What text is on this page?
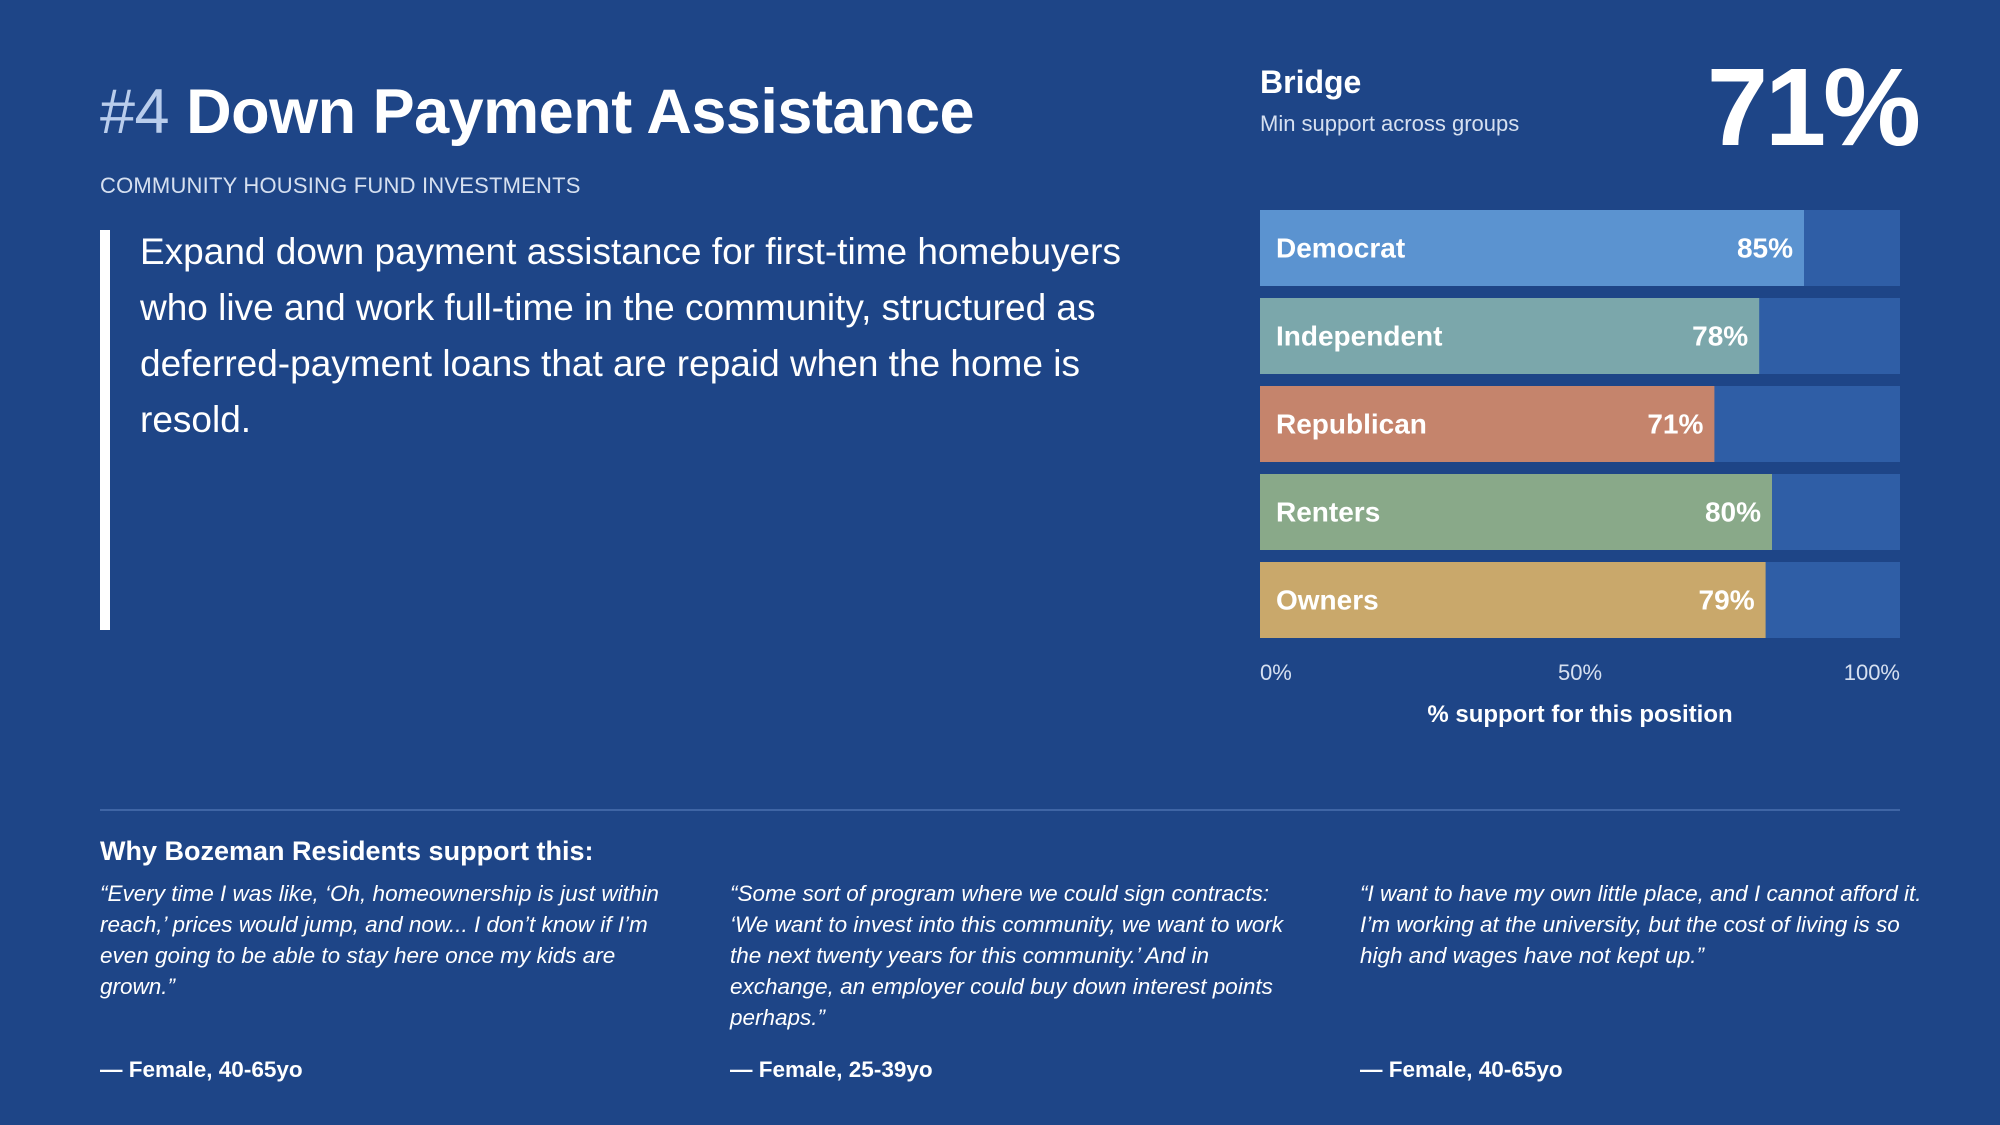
#4 Down Payment Assistance
COMMUNITY HOUSING FUND INVESTMENTS

Expand down payment assistance for first-time homebuyers who live and work full-time in the community, structured as deferred-payment loans that are repaid when the home is resold.

Bridge
Min support across groups 71%
Democrat	85%
Independent	78%
Republican	71%
Renters	80%
Owners	79%
0%	50%	100%
% support for this position
Why Bozeman Residents support this:
“Every time I was like, ‘Oh, homeownership is just within reach,’ prices would jump, and now... I don’t know if I’m even going to be able to stay here once my kids are grown.”
— Female, 40-65yo
“Some sort of program where we could sign contracts: ‘We want to invest into this community, we want to work the next twenty years for this community.’ And in exchange, an employer could buy down interest points perhaps.”
— Female, 25-39yo
“I want to have my own little place, and I cannot afford it. I’m working at the university, but the cost of living is so high and wages have not kept up.”
— Female, 40-65yo
